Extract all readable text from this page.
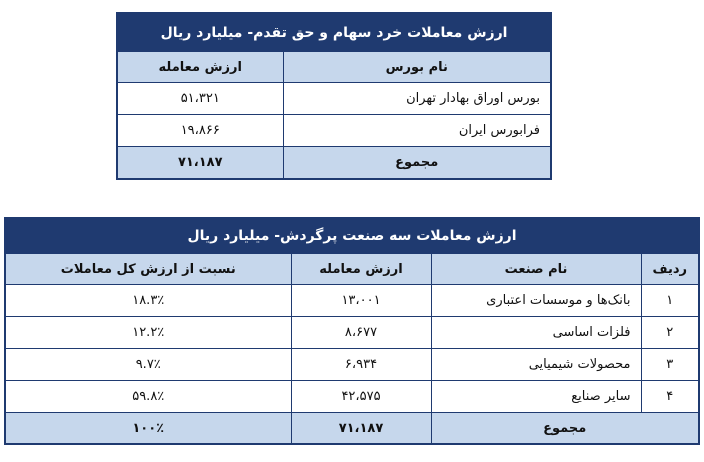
ارزش معاملات خرد سهام و حق تقدم- میلیارد ریال	
نام بورس	ارزش معامله
بورس اوراق بهادار تهران	۵۱،۳۲۱
فرابورس ایران	۱۹،۸۶۶
مجموع	۷۱،۱۸۷
ارزش معاملات سه صنعت پرگردش- میلیارد ریال			
ردیف	نام صنعت	ارزش معامله	نسبت از ارزش کل معاملات
۱	بانک‌ها و موسسات اعتباری	۱۳،۰۰۱	۱۸.۳٪
۲	فلزات اساسی	۸،۶۷۷	۱۲.۲٪
۳	محصولات شیمیایی	۶،۹۳۴	۹.۷٪
۴	سایر صنایع	۴۲،۵۷۵	۵۹.۸٪
مجموع		۷۱،۱۸۷	۱۰۰٪
